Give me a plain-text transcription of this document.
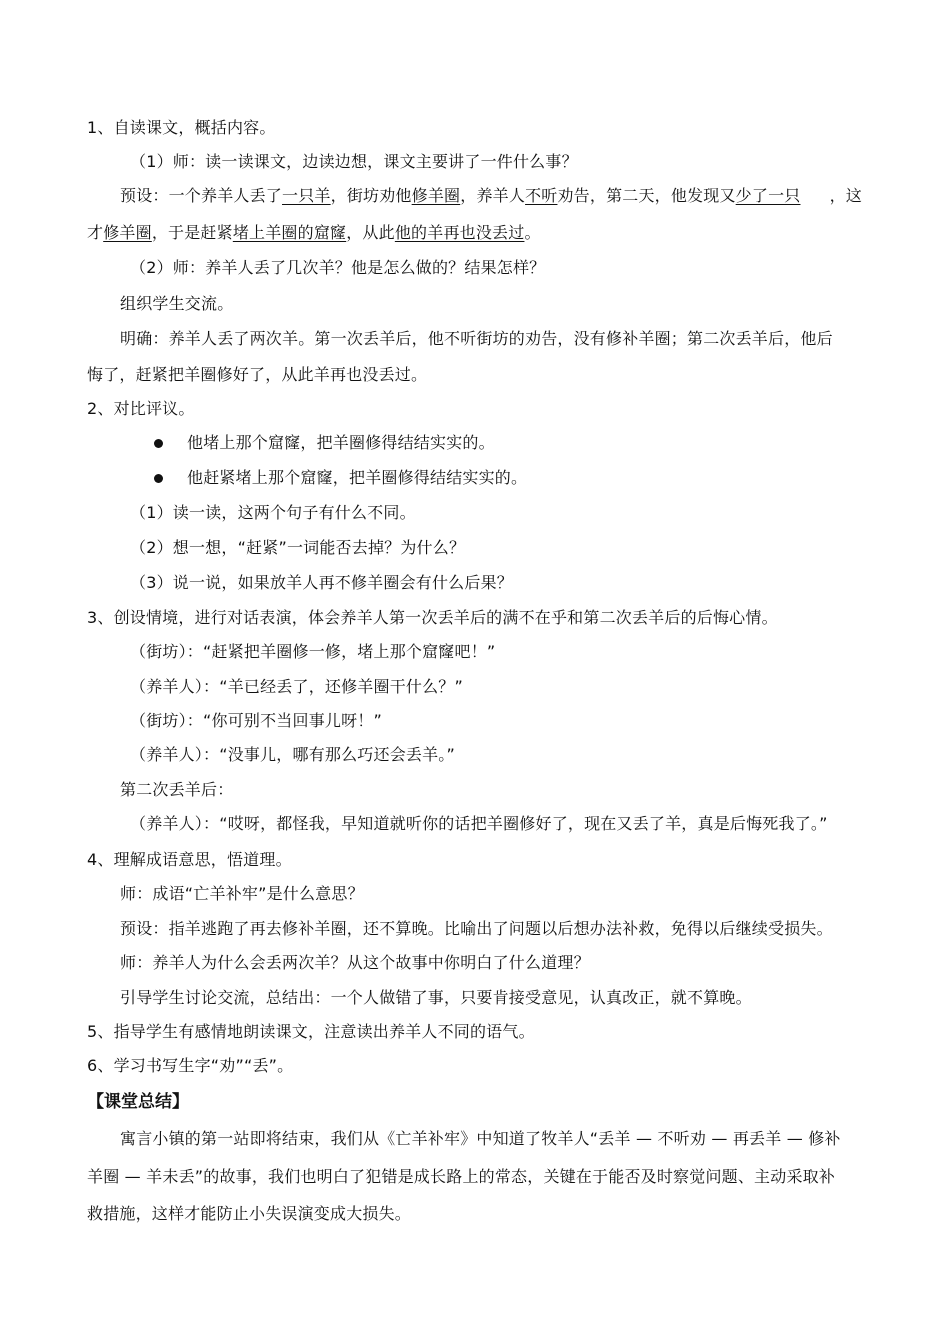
1、自读课文，概括内容。
（1）师：读一读课文，边读边想，课文主要讲了一件什么事？
预设：一个养羊人丢了一只羊，街坊劝他修羊圈，养羊人不听劝告，第二天，他发现又少了一只 ，这
才修羊圈，于是赶紧堵上羊圈的窟窿，从此他的羊再也没丢过。
（2）师：养羊人丢了几次羊？他是怎么做的？结果怎样？
组织学生交流。
明确：养羊人丢了两次羊。第一次丢羊后，他不听街坊的劝告，没有修补羊圈；第二次丢羊后，他后
悔了，赶紧把羊圈修好了，从此羊再也没丢过。
2、对比评议。
他堵上那个窟窿，把羊圈修得结结实实的。
他赶紧堵上那个窟窿，把羊圈修得结结实实的。
（1）读一读，这两个句子有什么不同。
（2）想一想，“赶紧”一词能否去掉？为什么？
（3）说一说，如果放羊人再不修羊圈会有什么后果？
3、创设情境，进行对话表演，体会养羊人第一次丢羊后的满不在乎和第二次丢羊后的后悔心情。
（街坊）：“赶紧把羊圈修一修，堵上那个窟窿吧！”
（养羊人）：“羊已经丢了，还修羊圈干什么？”
（街坊）：“你可别不当回事儿呀！”
（养羊人）：“没事儿，哪有那么巧还会丢羊。”
第二次丢羊后：
（养羊人）：“哎呀，都怪我，早知道就听你的话把羊圈修好了，现在又丢了羊，真是后悔死我了。”
4、理解成语意思，悟道理。
师：成语“亡羊补牢”是什么意思？
预设：指羊逃跑了再去修补羊圈，还不算晚。比喻出了问题以后想办法补救，免得以后继续受损失。
师：养羊人为什么会丢两次羊？从这个故事中你明白了什么道理？
引导学生讨论交流，总结出：一个人做错了事，只要肯接受意见，认真改正，就不算晚。
5、指导学生有感情地朗读课文，注意读出养羊人不同的语气。
6、学习书写生字“劝”“丢”。
【课堂总结】
寓言小镇的第一站即将结束，我们从《亡羊补牢》中知道了牧羊人“丢羊 — 不听劝 — 再丢羊 — 修补
羊圈 — 羊未丢”的故事，我们也明白了犯错是成长路上的常态，关键在于能否及时察觉问题、主动采取补
救措施，这样才能防止小失误演变成大损失。
